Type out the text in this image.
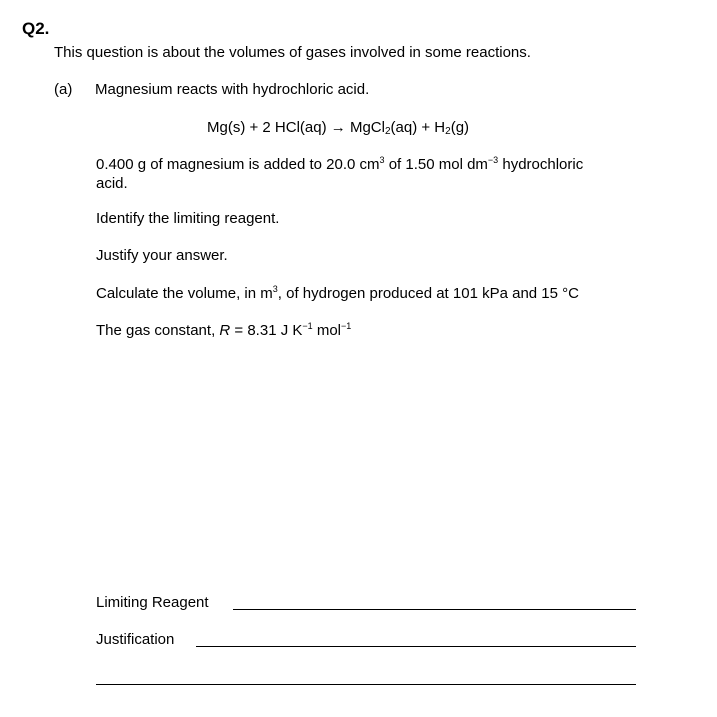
Q2.
This question is about the volumes of gases involved in some reactions.
(a) Magnesium reacts with hydrochloric acid.
Mg(s) + 2 HCl(aq) → MgCl$_2$(aq) + $H_2(g)$
0.400 g of magnesium is added to 20.0 $cm^3$ of 1.50 mol $dm^{-3}$ hydrochloric
acid.
Identify the limiting reagent.
Justify your answer.
Calculate the volume, in $m^3$, of hydrogen produced at 101 kPa and 15 °C
The gas constant, R = 8.31 J $K^{-1}$ mol$^{-1}$
Limiting Reagent
Justification
